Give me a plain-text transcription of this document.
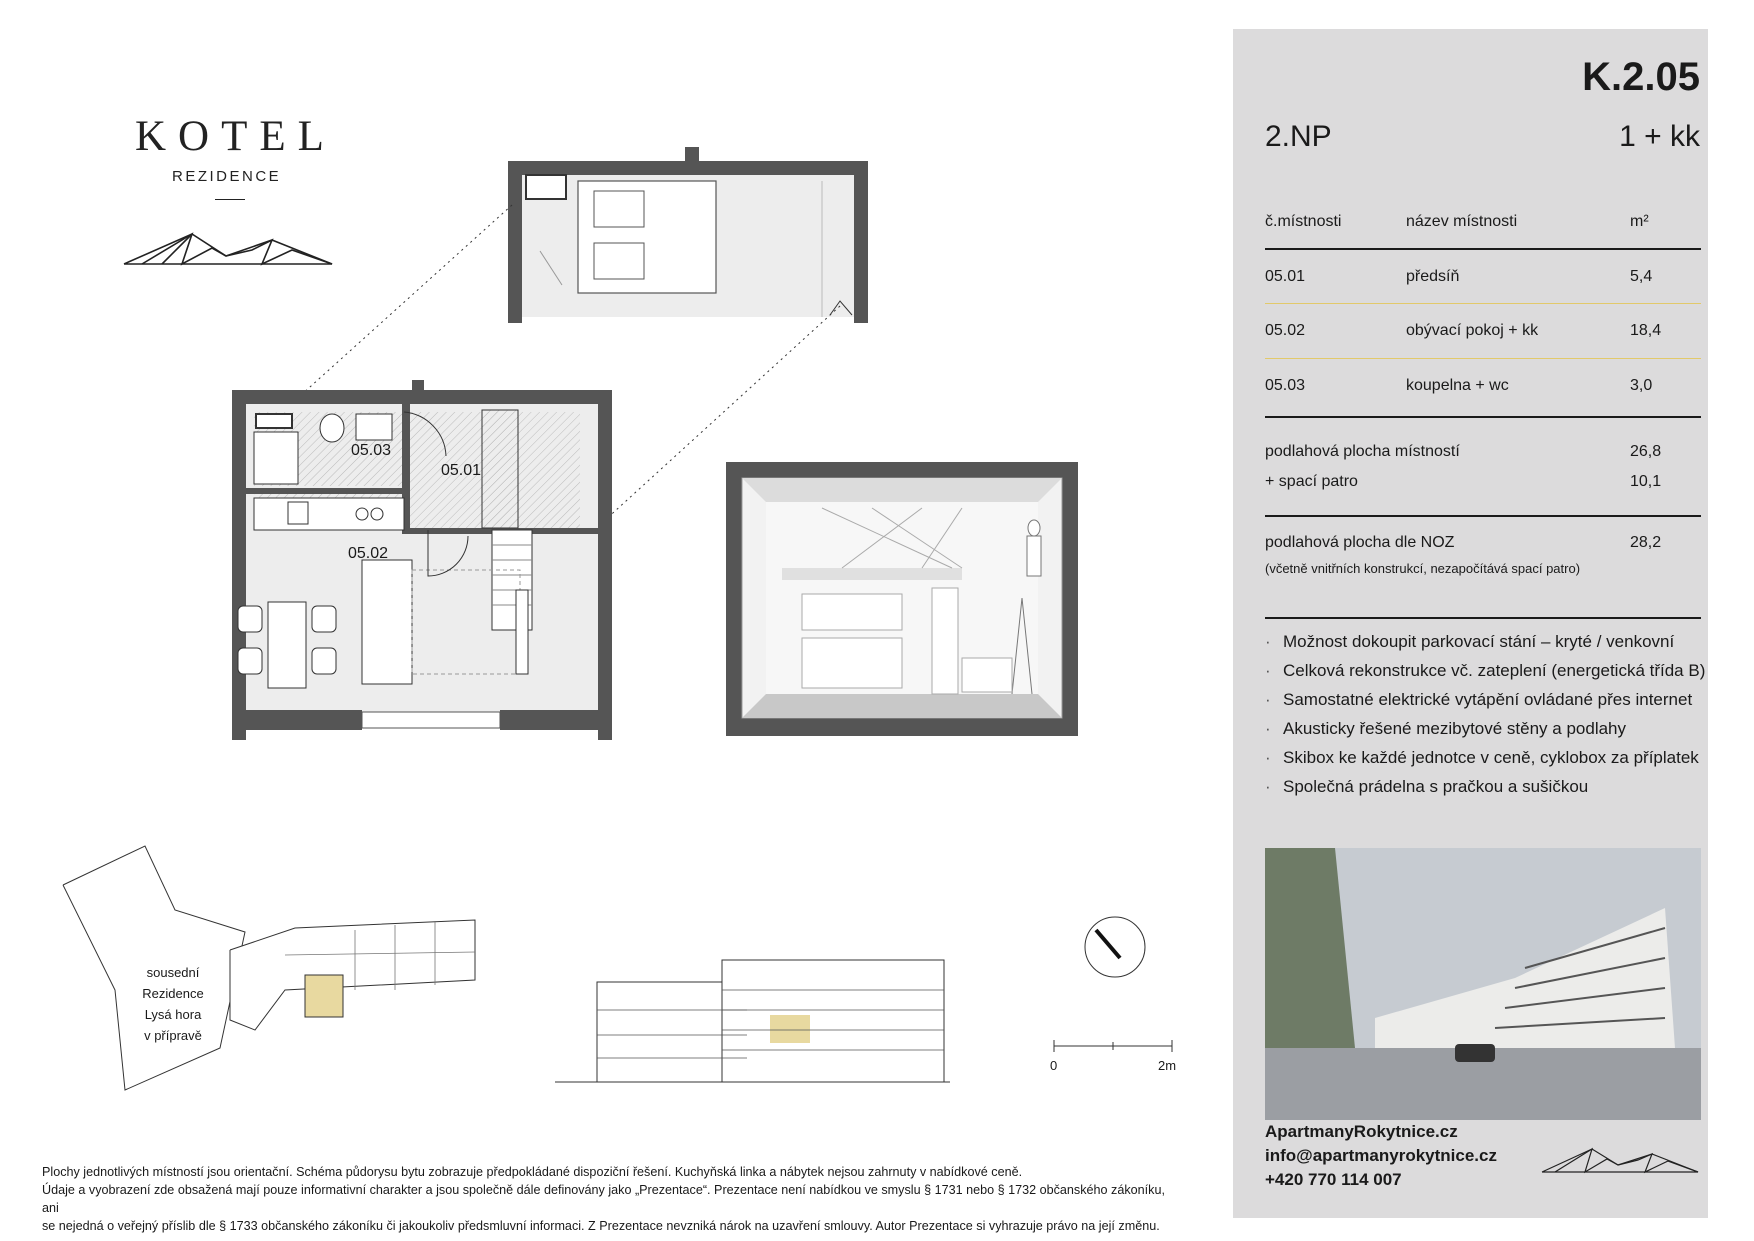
KOTEL
REZIDENCE
05.03
05.01
05.02
sousední
Rezidence
Lysá hora
v přípravě
0	2m
Plochy jednotlivých místností jsou orientační. Schéma půdorysu bytu zobrazuje předpokládané dispoziční řešení. Kuchyňská linka a nábytek nejsou zahrnuty v nabídkové ceně.
Údaje a vyobrazení zde obsažená mají pouze informativní charakter a jsou společně dále definovány jako „Prezentace“. Prezentace není nabídkou ve smyslu § 1731 nebo § 1732 občanského zákoníku, ani
se nejedná o veřejný příslib dle § 1733 občanského zákoníku či jakoukoliv předsmluvní informaci. Z Prezentace nevzniká nárok na uzavření smlouvy. Autor Prezentace si vyhrazuje právo na její změnu.
K.2.05
2.NP	1 + kk
č.místnosti	název místnosti	m²
05.01	předsíň	5,4
05.02	obývací pokoj + kk	18,4
05.03	koupelna + wc	3,0
podlahová plocha místností	26,8
+ spací patro	10,1
podlahová plocha dle NOZ	28,2
(včetně vnitřních konstrukcí, nezapočítává spací patro)
· Možnost dokoupit parkovací stání – kryté / venkovní
· Celková rekonstrukce vč. zateplení (energetická třída B)
· Samostatné elektrické vytápění ovládané přes internet
· Akusticky řešené mezibytové stěny a podlahy
· Skibox ke každé jednotce v ceně, cyklobox za příplatek
· Společná prádelna s pračkou a sušičkou
ApartmanyRokytnice.cz
info@apartmanyrokytnice.cz
+420 770 114 007
